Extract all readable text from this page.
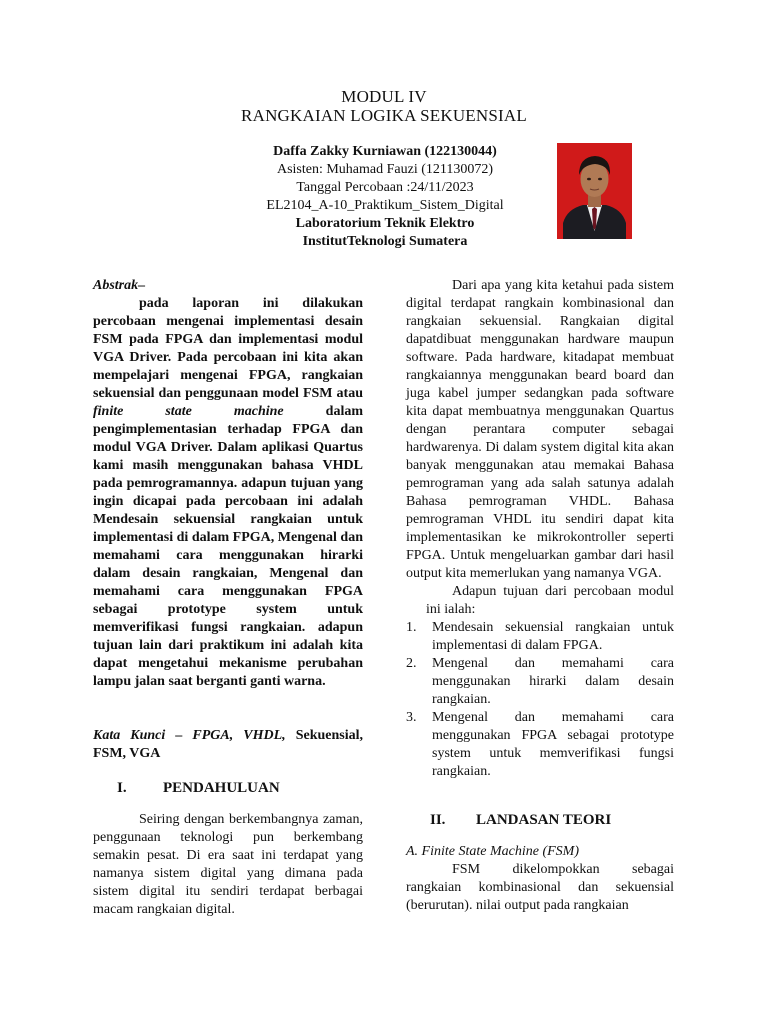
MODUL IV
RANGKAIAN LOGIKA SEKUENSIAL
Daffa Zakky Kurniawan (122130044)
Asisten: Muhamad Fauzi (121130072)
Tanggal Percobaan :24/11/2023
EL2104_A-10_Praktikum_Sistem_Digital
Laboratorium Teknik Elektro
InstitutTeknologi Sumatera
Abstrak–

pada laporan ini dilakukan percobaan mengenai implementasi desain FSM pada FPGA dan implementasi modul VGA Driver. Pada percobaan ini kita akan mempelajari mengenai FPGA, rangkaian sekuensial dan penggunaan model FSM atau finite state machine dalam pengimplementasian terhadap FPGA dan modul VGA Driver. Dalam aplikasi Quartus kami masih menggunakan bahasa VHDL pada pemrogramannya. adapun tujuan yang ingin dicapai pada percobaan ini adalah Mendesain sekuensial rangkaian untuk implementasi di dalam FPGA, Mengenal dan memahami cara menggunakan hirarki dalam desain rangkaian, Mengenal dan memahami cara menggunakan FPGA sebagai prototype system untuk memverifikasi fungsi rangkaian. adapun tujuan lain dari praktikum ini adalah kita dapat mengetahui mekanisme perubahan lampu jalan saat berganti ganti warna.

Kata Kunci – FPGA, VHDL, Sekuensial, FSM, VGA
I.	PENDAHULUAN

Seiring dengan berkembangnya zaman, penggunaan teknologi pun berkembang semakin pesat. Di era saat ini terdapat yang namanya sistem digital yang dimana pada sistem digital itu sendiri terdapat berbagai macam rangkaian digital.

Dari apa yang kita ketahui pada sistem digital terdapat rangkain kombinasional dan rangkaian sekuensial. Rangkaian digital dapatdibuat menggunakan hardware maupun software. Pada hardware, kitadapat membuat rangkaiannya menggunakan beard board dan juga kabel jumper sedangkan pada software kita dapat membuatnya menggunakan Quartus dengan perantara computer sebagai hardwarenya. Di dalam system digital kita akan banyak menggunakan atau memakai Bahasa pemrograman yang ada salah satunya adalah Bahasa pemrograman VHDL. Bahasa pemrograman VHDL itu sendiri dapat kita implementasikan ke mikrokontroller seperti FPGA. Untuk mengeluarkan gambar dari hasil output kita memerlukan yang namanya VGA.

Adapun tujuan dari percobaan modul ini ialah:

1.	Mendesain sekuensial rangkaian untuk implementasi di dalam FPGA.
2.	Mengenal dan memahami cara menggunakan hirarki dalam desain rangkaian.
3.	Mengenal dan memahami cara menggunakan FPGA sebagai prototype system untuk memverifikasi fungsi rangkaian.
II.	LANDASAN TEORI
A. Finite State Machine (FSM)

FSM dikelompokkan sebagai rangkaian kombinasional dan sekuensial (berurutan). nilai output pada rangkaian
